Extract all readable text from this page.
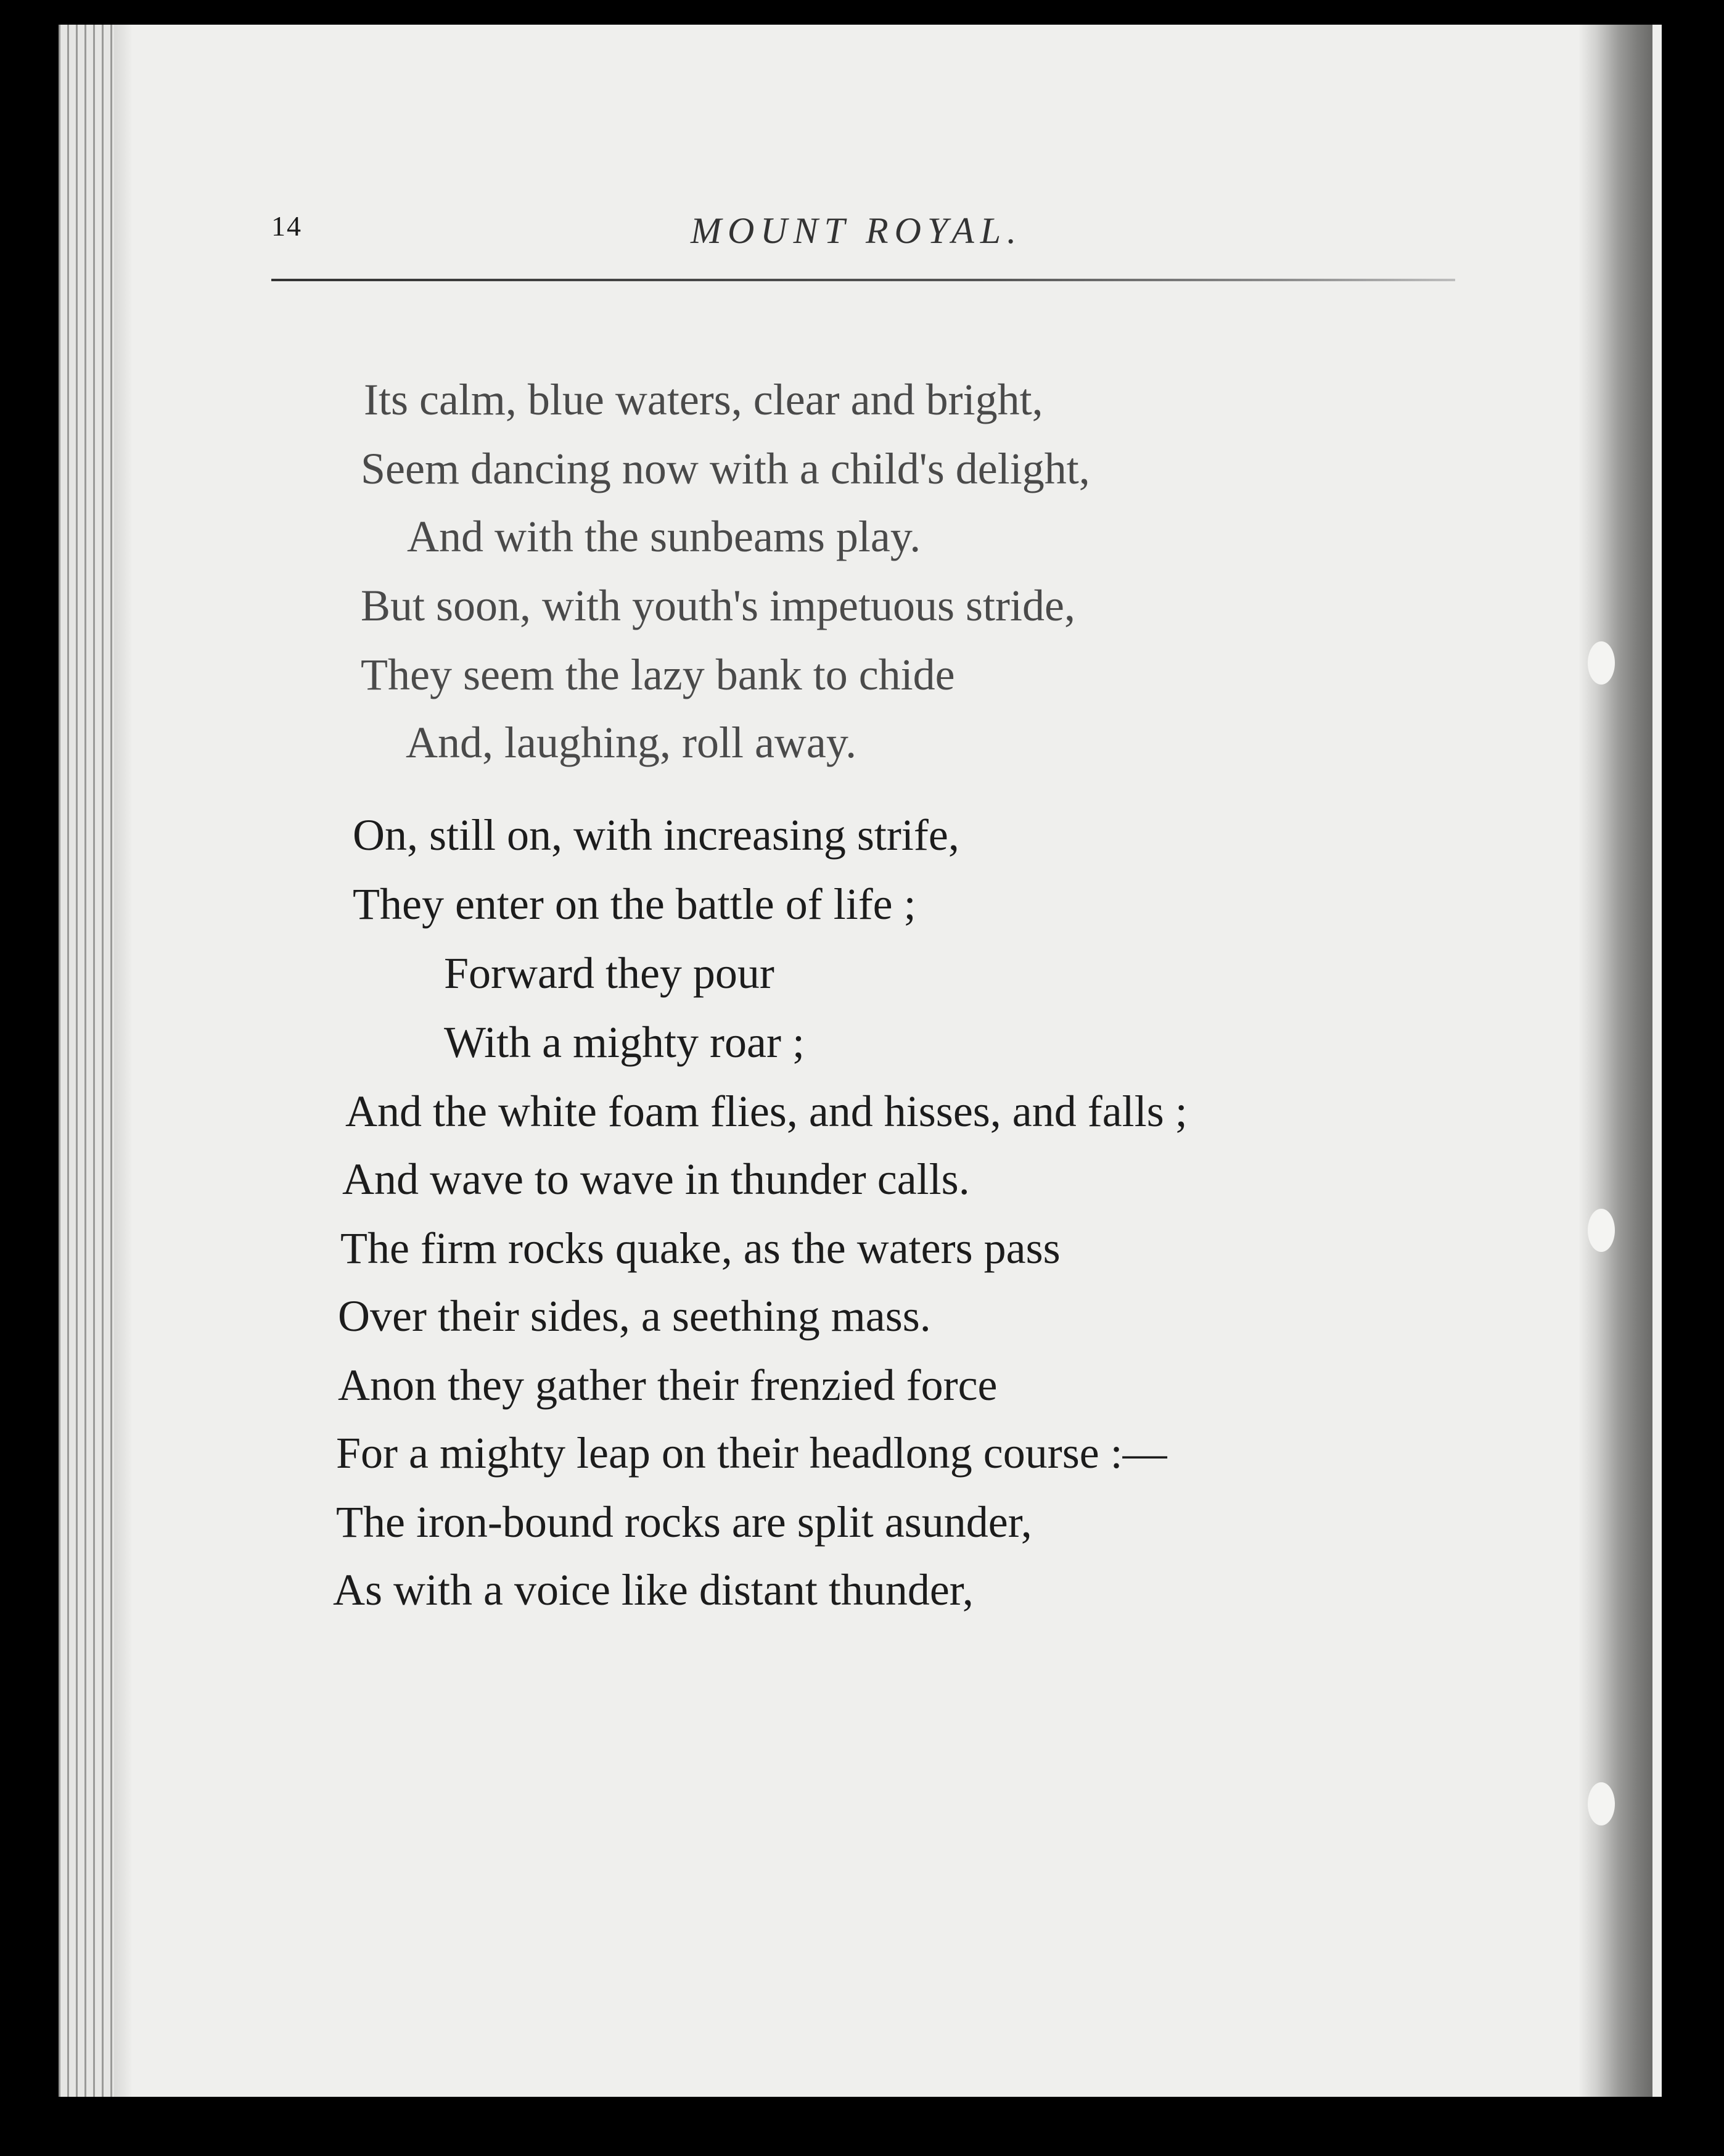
14	MOUNT ROYAL.
Its calm, blue waters, clear and bright,
Seem dancing now with a child's delight,
And with the sunbeams play.
But soon, with youth's impetuous stride,
They seem the lazy bank to chide
And, laughing, roll away.
On, still on, with increasing strife,
They enter on the battle of life ;
Forward they pour
With a mighty roar ;
And the white foam flies, and hisses, and falls ;
And wave to wave in thunder calls.
The firm rocks quake, as the waters pass
Over their sides, a seething mass.
Anon they gather their frenzied force
For a mighty leap on their headlong course :—
The iron-bound rocks are split asunder,
As with a voice like distant thunder,
